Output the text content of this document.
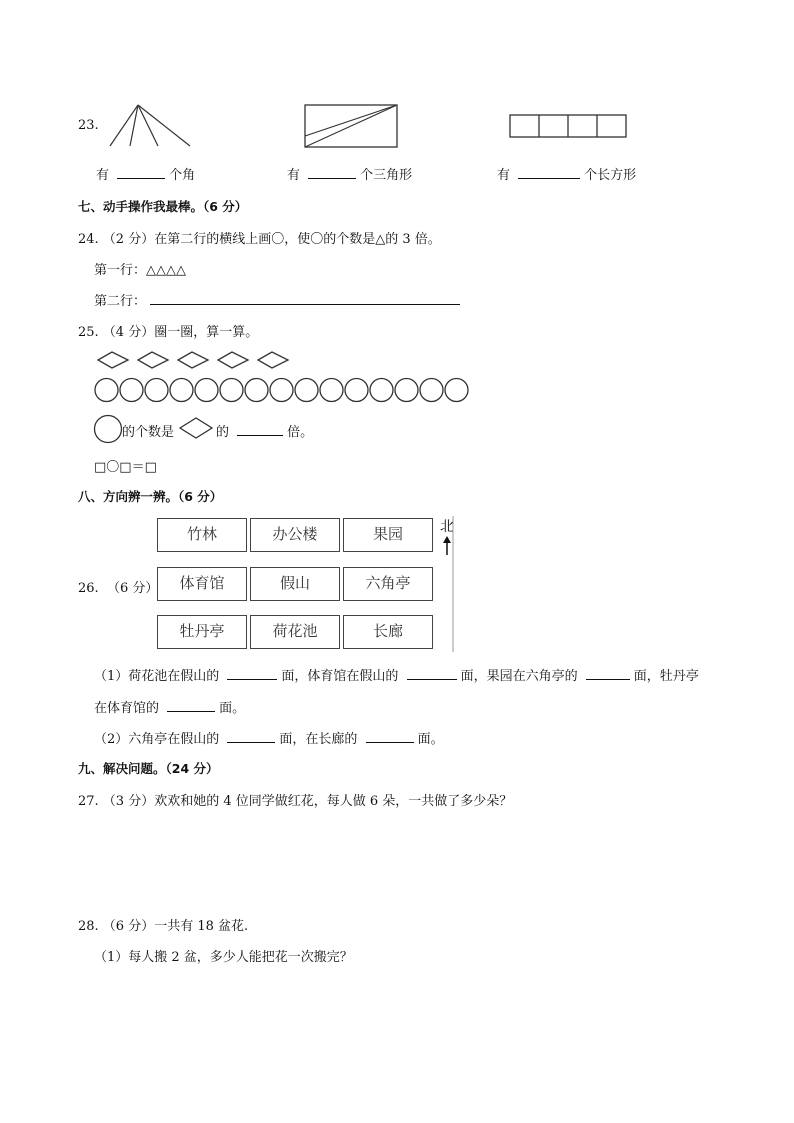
23.
有	个角	有	个三角形	有	个长方形
七、动手操作我最棒。（6 分）
24. （2 分）在第二行的横线上画〇，使〇的个数是△的 3 倍。
第一行：△△△△
第二行：
25. （4 分）圈一圈，算一算。
的个数是	的	倍。
□〇□＝□
八、方向辨一辨。（6 分）
26. （6 分）
竹林	办公楼	果园
体育馆	假山	六角亭
牡丹亭	荷花池	长廊
北
（1）荷花池在假山的	面，体育馆在假山的	面，果园在六角亭的	面，牡丹亭
在体育馆的	面。
（2）六角亭在假山的	面，在长廊的	面。
九、解决问题。（24 分）
27. （3 分）欢欢和她的 4 位同学做红花，每人做 6 朵，一共做了多少朵？
28. （6 分）一共有 18 盆花.
（1）每人搬 2 盆，多少人能把花一次搬完？
